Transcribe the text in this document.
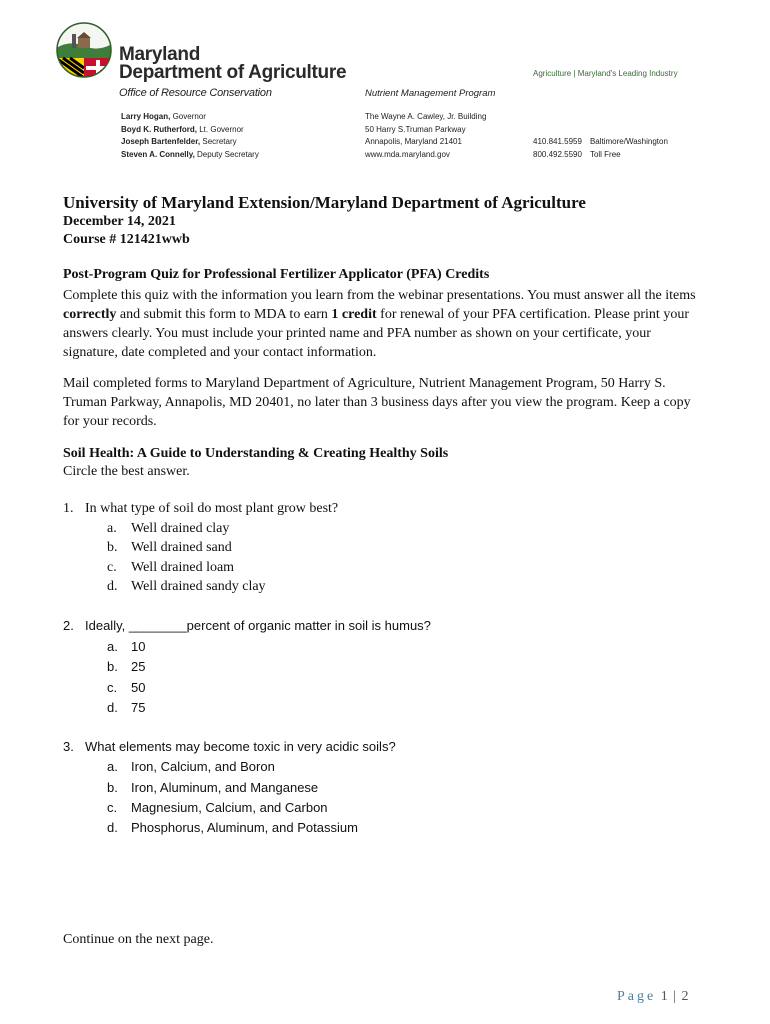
Maryland
Department of Agriculture	Agriculture | Maryland's Leading Industry
Office of Resource Conservation	Nutrient Management Program
Larry Hogan, Governor
Boyd K. Rutherford, Lt. Governor
Joseph Bartenfelder, Secretary
Steven A. Connelly, Deputy Secretary
The Wayne A. Cawley, Jr. Building
50 Harry S.Truman Parkway
Annapolis, Maryland 21401
www.mda.maryland.gov
410.841.5959 Baltimore/Washington
800.492.5590 Toll Free
University of Maryland Extension/Maryland Department of Agriculture
December 14, 2021
Course # 121421wwb
Post-Program Quiz for Professional Fertilizer Applicator (PFA) Credits
Complete this quiz with the information you learn from the webinar presentations. You must answer all the items correctly and submit this form to MDA to earn 1 credit for renewal of your PFA certification. Please print your answers clearly. You must include your printed name and PFA number as shown on your certificate, your signature, date completed and your contact information.
Mail completed forms to Maryland Department of Agriculture, Nutrient Management Program, 50 Harry S. Truman Parkway, Annapolis, MD 20401, no later than 3 business days after you view the program. Keep a copy for your records.
Soil Health: A Guide to Understanding & Creating Healthy Soils
Circle the best answer.
1. In what type of soil do most plant grow best?
a. Well drained clay
b. Well drained sand
c. Well drained loam
d. Well drained sandy clay
2. Ideally, ________percent of organic matter in soil is humus?
a. 10
b. 25
c. 50
d. 75
3. What elements may become toxic in very acidic soils?
a. Iron, Calcium, and Boron
b. Iron, Aluminum, and Manganese
c. Magnesium, Calcium, and Carbon
d. Phosphorus, Aluminum, and Potassium
Continue on the next page.
Page 1 | 2
